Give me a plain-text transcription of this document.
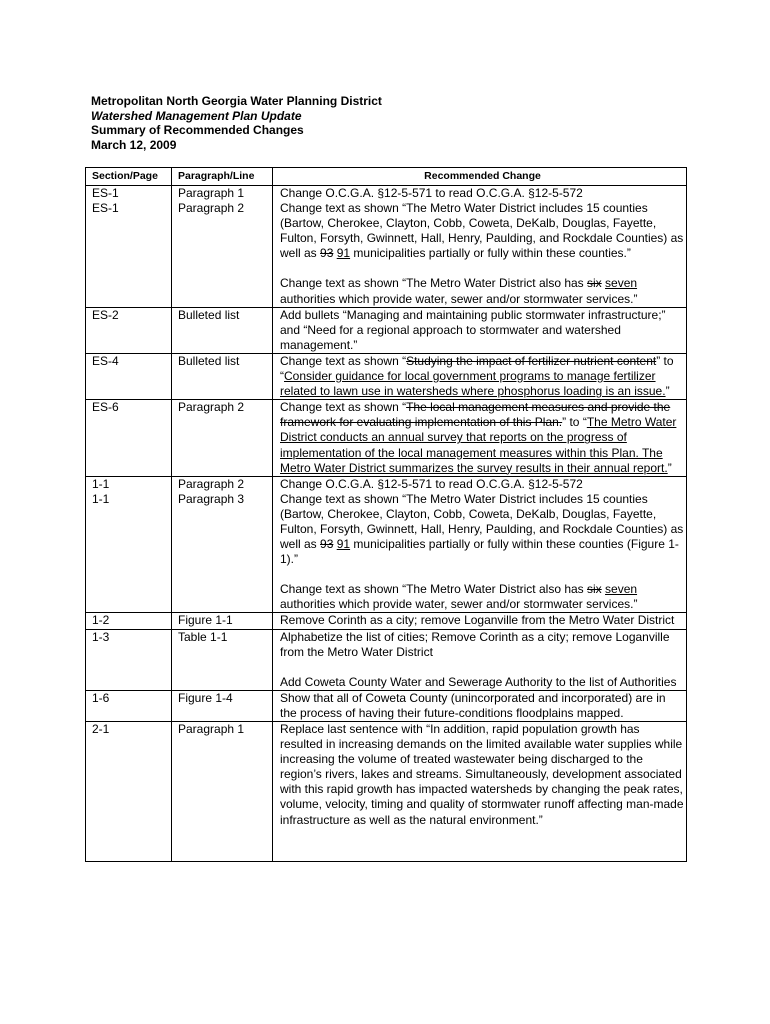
Metropolitan North Georgia Water Planning District
Watershed Management Plan Update
Summary of Recommended Changes
March 12, 2009
Section/Page	Paragraph/Line	Recommended Change
ES-1	Paragraph 1	Change O.C.G.A. §12-5-571 to read O.C.G.A. §12-5-572

ES-1	Paragraph 2	Change text as shown “The Metro Water District includes 15 counties (Bartow, Cherokee, Clayton, Cobb, Coweta, DeKalb, Douglas, Fayette, Fulton, Forsyth, Gwinnett, Hall, Henry, Paulding, and Rockdale Counties) as well as 93 91 municipalities partially or fully within these counties.”
Change text as shown “The Metro Water District also has six seven authorities which provide water, sewer and/or stormwater services.”

ES-2	Bulleted list	Add bullets “Managing and maintaining public stormwater infrastructure;” and “Need for a regional approach to stormwater and watershed management.”

ES-4	Bulleted list	Change text as shown “Studying the impact of fertilizer nutrient content” to “Consider guidance for local government programs to manage fertilizer related to lawn use in watersheds where phosphorus loading is an issue.”

ES-6	Paragraph 2	Change text as shown “The local management measures and provide the framework for evaluating implementation of this Plan.” to “The Metro Water District conducts an annual survey that reports on the progress of implementation of the local management measures within this Plan. The Metro Water District summarizes the survey results in their annual report.”

1-1	Paragraph 2	Change O.C.G.A. §12-5-571 to read O.C.G.A. §12-5-572

1-1	Paragraph 3	Change text as shown “The Metro Water District includes 15 counties (Bartow, Cherokee, Clayton, Cobb, Coweta, DeKalb, Douglas, Fayette, Fulton, Forsyth, Gwinnett, Hall, Henry, Paulding, and Rockdale Counties) as well as 93 91 municipalities partially or fully within these counties (Figure 1-1).”
Change text as shown “The Metro Water District also has six seven authorities which provide water, sewer and/or stormwater services.”

1-2	Figure 1-1	Remove Corinth as a city; remove Loganville from the Metro Water District

1-3	Table 1-1	Alphabetize the list of cities; Remove Corinth as a city; remove Loganville from the Metro Water District
Add Coweta County Water and Sewerage Authority to the list of Authorities

1-6	Figure 1-4	Show that all of Coweta County (unincorporated and incorporated) are in the process of having their future-conditions floodplains mapped.

2-1	Paragraph 1	Replace last sentence with “In addition, rapid population growth has resulted in increasing demands on the limited available water supplies while increasing the volume of treated wastewater being discharged to the region’s rivers, lakes and streams. Simultaneously, development associated with this rapid growth has impacted watersheds by changing the peak rates, volume, velocity, timing and quality of stormwater runoff affecting man-made infrastructure as well as the natural environment.”
